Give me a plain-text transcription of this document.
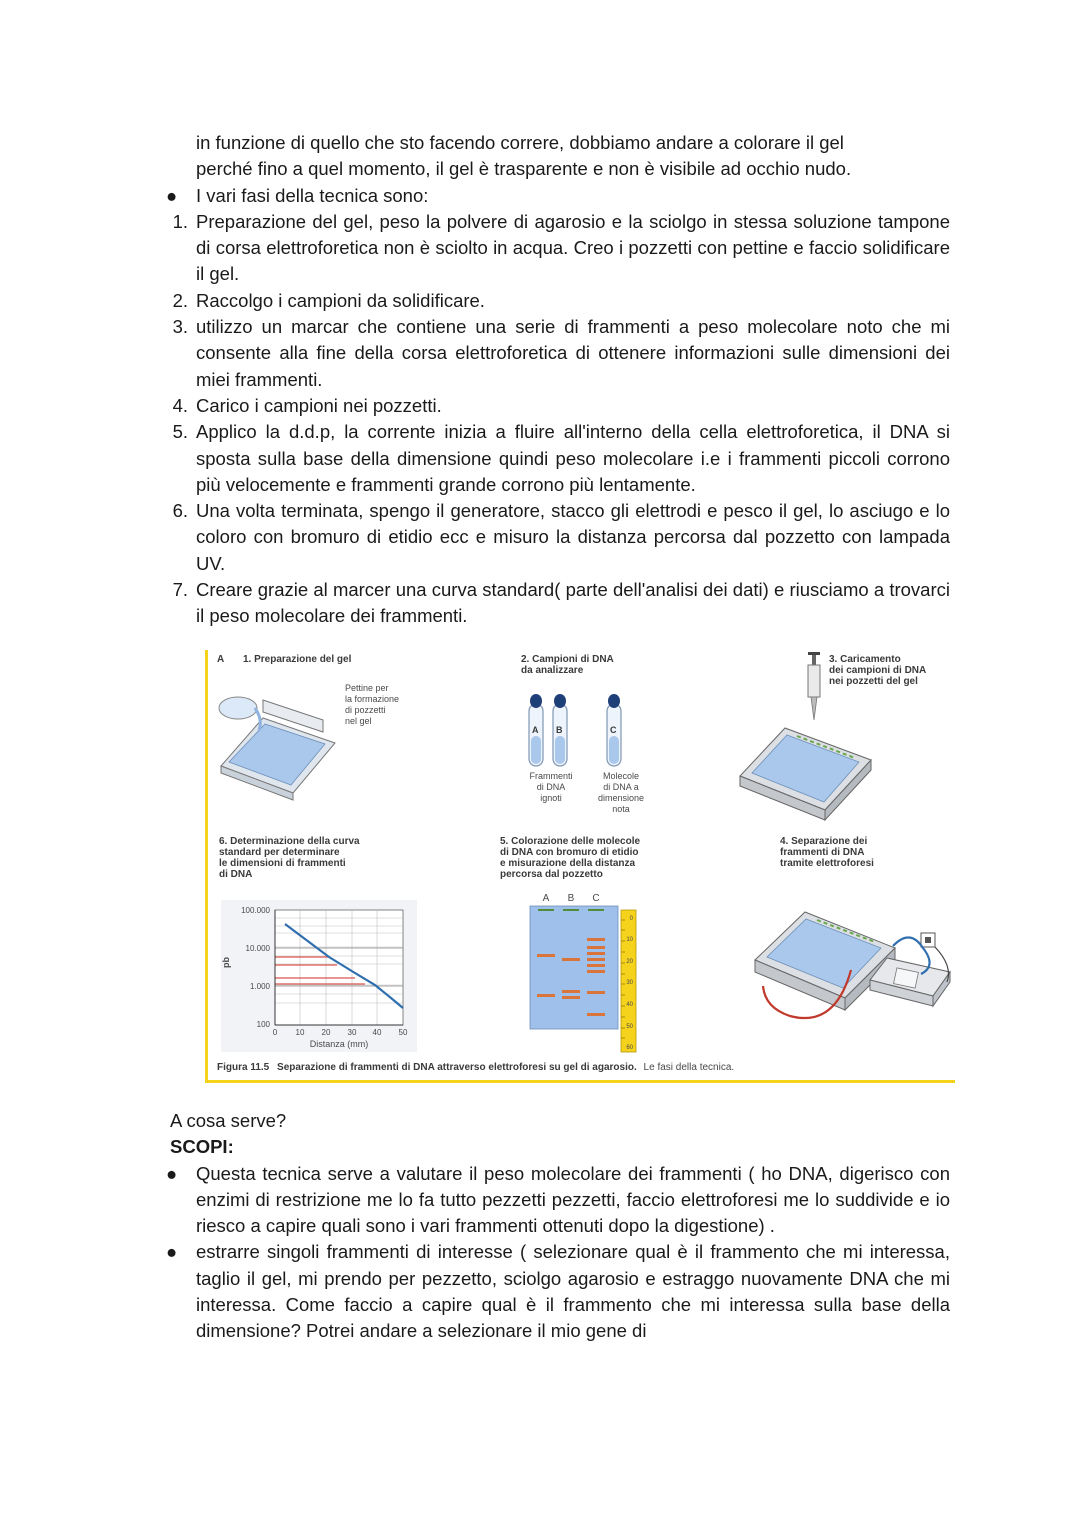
in funzione di quello che sto facendo correre, dobbiamo andare a colorare il gel
perché fino a quel momento, il gel è trasparente e non è visibile ad occhio nudo.
● I vari fasi della tecnica sono:
1. Preparazione del gel, peso la polvere di agarosio e la sciolgo in stessa soluzione tampone di corsa elettroforetica non è sciolto in acqua. Creo i pozzetti con pettine e faccio solidificare il gel.
2. Raccolgo i campioni da solidificare.
3. utilizzo un marcar che contiene una serie di frammenti a peso molecolare noto che mi consente alla fine della corsa elettroforetica di ottenere informazioni sulle dimensioni dei miei frammenti.
4. Carico i campioni nei pozzetti.
5. Applico la d.d.p, la corrente inizia a fluire all'interno della cella elettroforetica, il DNA si sposta sulla base della dimensione quindi peso molecolare i.e i frammenti piccoli corrono più velocemente e frammenti grande corrono più lentamente.
6. Una volta terminata, spengo il generatore, stacco gli elettrodi e pesco il gel, lo asciugo e lo coloro con bromuro di etidio ecc e misuro la distanza percorsa dal pozzetto con lampada UV.
7. Creare grazie al marcer una curva standard( parte dell'analisi dei dati) e riusciamo a trovarci il peso molecolare dei frammenti.
A 1. Preparazione del gel
Pettine per
la formazione
di pozzetti
nel gel
2. Campioni di DNA
da analizzare
A B	C
Frammenti
di DNA
ignoti
Molecole
di DNA a
dimensione
nota
3. Caricamento
dei campioni di DNA
nei pozzetti del gel
6. Determinazione della curva
standard per determinare
le dimensioni di frammenti
di DNA
pb
100.000
10.000
1.000
100
0 10 20 30 40 50
Distanza (mm)
5. Colorazione delle molecole
di DNA con bromuro di etidio
e misurazione della distanza
percorsa dal pozzetto
A B C
0
10
20
30
40
50
60
4. Separazione dei
frammenti di DNA
tramite elettroforesi
Figura 11.5 Separazione di frammenti di DNA attraverso elettroforesi su gel di agarosio. Le fasi della tecnica.
A cosa serve?
SCOPI:
● Questa tecnica serve a valutare il peso molecolare dei frammenti ( ho DNA, digerisco con enzimi di restrizione me lo fa tutto pezzetti pezzetti, faccio elettroforesi me lo suddivide e io riesco a capire quali sono i vari frammenti ottenuti dopo la digestione) .
● estrarre singoli frammenti di interesse ( selezionare qual è il frammento che mi interessa, taglio il gel, mi prendo per pezzetto, sciolgo agarosio e estraggo nuovamente DNA che mi interessa. Come faccio a capire qual è il frammento che mi interessa sulla base della dimensione? Potrei andare a selezionare il mio gene di
